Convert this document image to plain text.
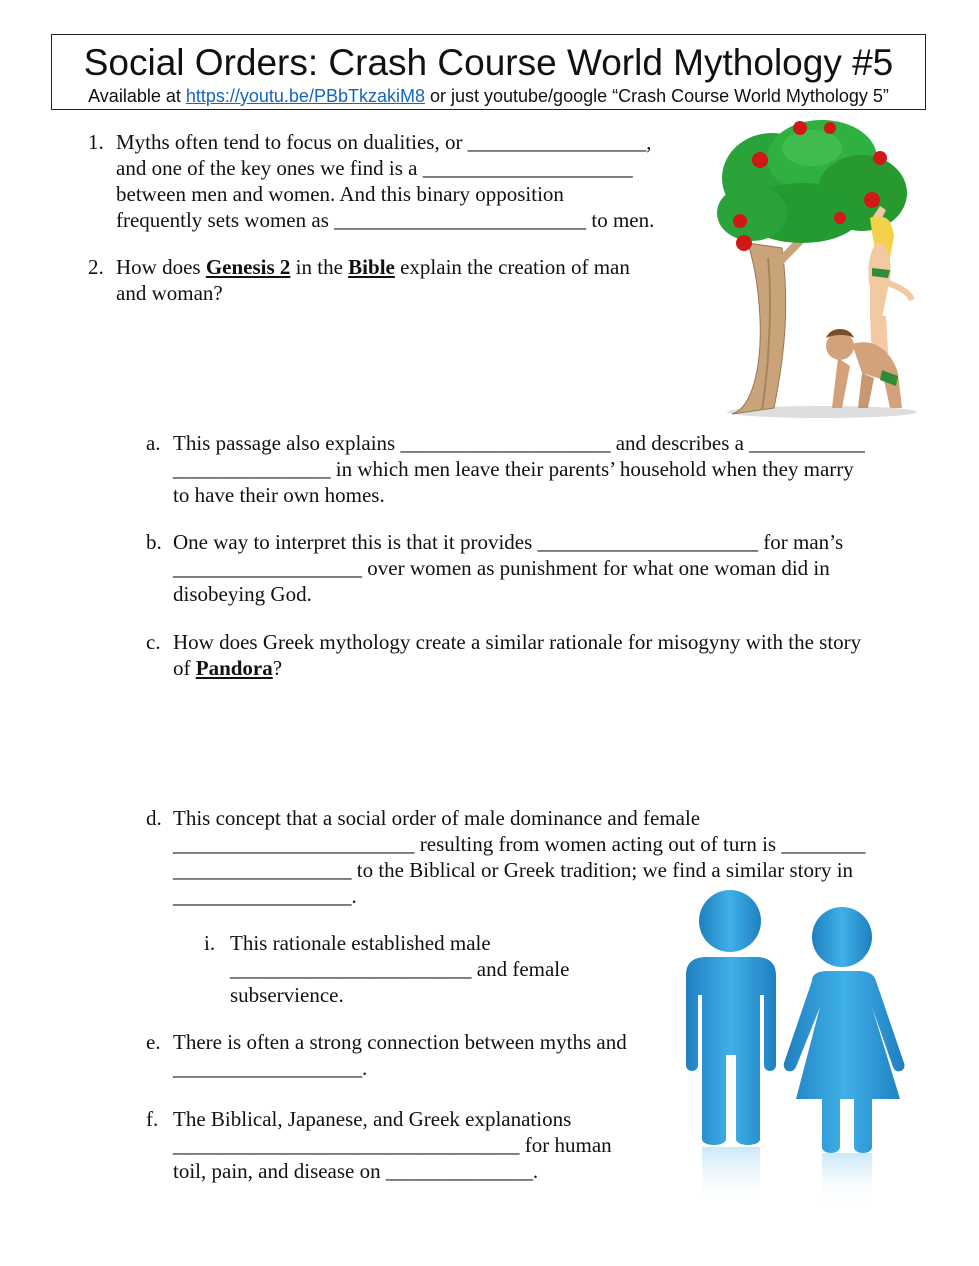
Social Orders: Crash Course World Mythology #5
Available at https://youtu.be/PBbTkzakiM8 or just youtube/google “Crash Course World Mythology 5”
1. Myths often tend to focus on dualities, or _________________,
and one of the key ones we find is a ____________________
between men and women. And this binary opposition
frequently sets women as ________________________ to men.
2. How does Genesis 2 in the Bible explain the creation of man
and woman?
a. This passage also explains ____________________ and describes a ___________
_______________ in which men leave their parents’ household when they marry
to have their own homes.
b. One way to interpret this is that it provides _____________________ for man’s
__________________ over women as punishment for what one woman did in
disobeying God.
c. How does Greek mythology create a similar rationale for misogyny with the story
of Pandora?
d. This concept that a social order of male dominance and female
_______________________ resulting from women acting out of turn is ________
_________________ to the Biblical or Greek tradition; we find a similar story in
_________________.
i. This rationale established male
_______________________ and female
subservience.
e. There is often a strong connection between myths and
__________________.
f. The Biblical, Japanese, and Greek explanations
_________________________________ for human
toil, pain, and disease on ______________.
